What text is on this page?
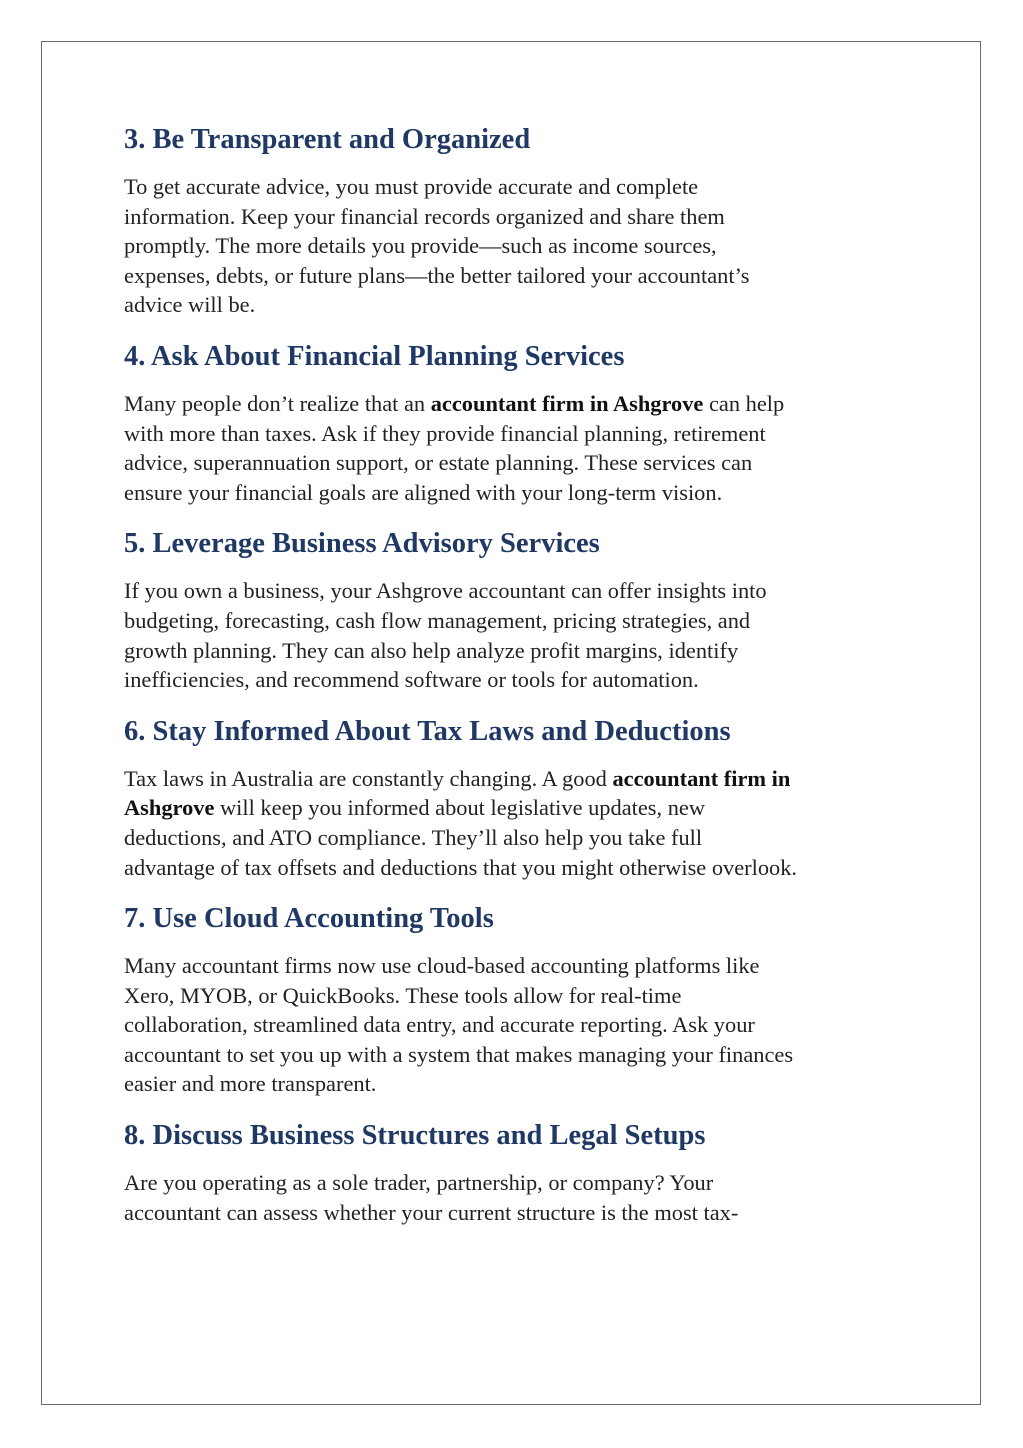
3. Be Transparent and Organized

To get accurate advice, you must provide accurate and complete
information. Keep your financial records organized and share them
promptly. The more details you provide—such as income sources,
expenses, debts, or future plans—the better tailored your accountant’s
advice will be.

4. Ask About Financial Planning Services

Many people don’t realize that an accountant firm in Ashgrove can help
with more than taxes. Ask if they provide financial planning, retirement
advice, superannuation support, or estate planning. These services can
ensure your financial goals are aligned with your long-term vision.

5. Leverage Business Advisory Services

If you own a business, your Ashgrove accountant can offer insights into
budgeting, forecasting, cash flow management, pricing strategies, and
growth planning. They can also help analyze profit margins, identify
inefficiencies, and recommend software or tools for automation.

6. Stay Informed About Tax Laws and Deductions

Tax laws in Australia are constantly changing. A good accountant firm in
Ashgrove will keep you informed about legislative updates, new
deductions, and ATO compliance. They’ll also help you take full
advantage of tax offsets and deductions that you might otherwise overlook.

7. Use Cloud Accounting Tools

Many accountant firms now use cloud-based accounting platforms like
Xero, MYOB, or QuickBooks. These tools allow for real-time
collaboration, streamlined data entry, and accurate reporting. Ask your
accountant to set you up with a system that makes managing your finances
easier and more transparent.

8. Discuss Business Structures and Legal Setups

Are you operating as a sole trader, partnership, or company? Your
accountant can assess whether your current structure is the most tax-
